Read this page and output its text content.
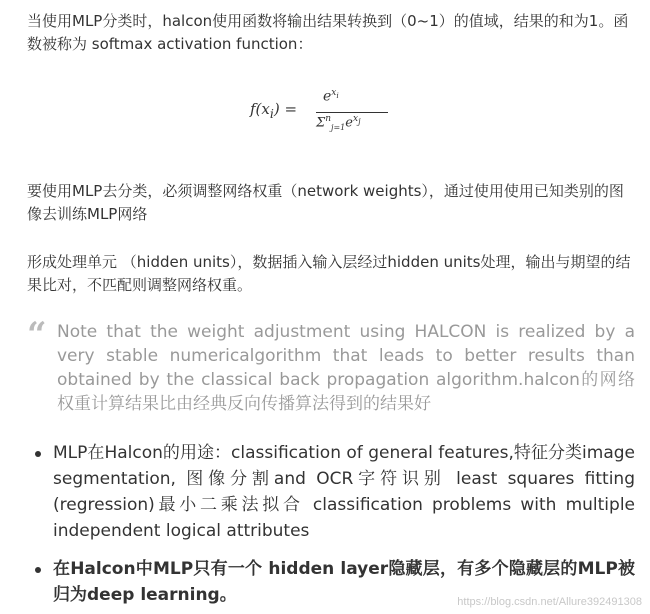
当使用MLP分类时，halcon使用函数将输出结果转换到（0~1）的值域，结果的和为1。函数被称为 softmax activation function：

$f(x_i)$ =
$e^{x_i}$
$\Sigma^n_{j=1}e^{x_j}$

要使用MLP去分类，必须调整网络权重（network weights），通过使用使用已知类别的图像去训练MLP网络

形成处理单元 （hidden units），数据插入输入层经过hidden units处理，输出与期望的结果比对，不匹配则调整网络权重。

“ Note that the weight adjustment using HALCON is realized by a very stable numericalgorithm that leads to better results than obtained by the classical back propagation algorithm.halcon的网络权重计算结果比由经典反向传播算法得到的结果好

MLP在Halcon的用途：classification of general features,特征分类image segmentation, 图像分割and OCR字符识别 least squares fitting (regression)最小二乘法拟合 classification problems with multiple independent logical attributes
在Halcon中MLP只有一个 hidden layer隐藏层，有多个隐藏层的MLP被归为deep learning。	https://blog.csdn.net/Allure392491308
